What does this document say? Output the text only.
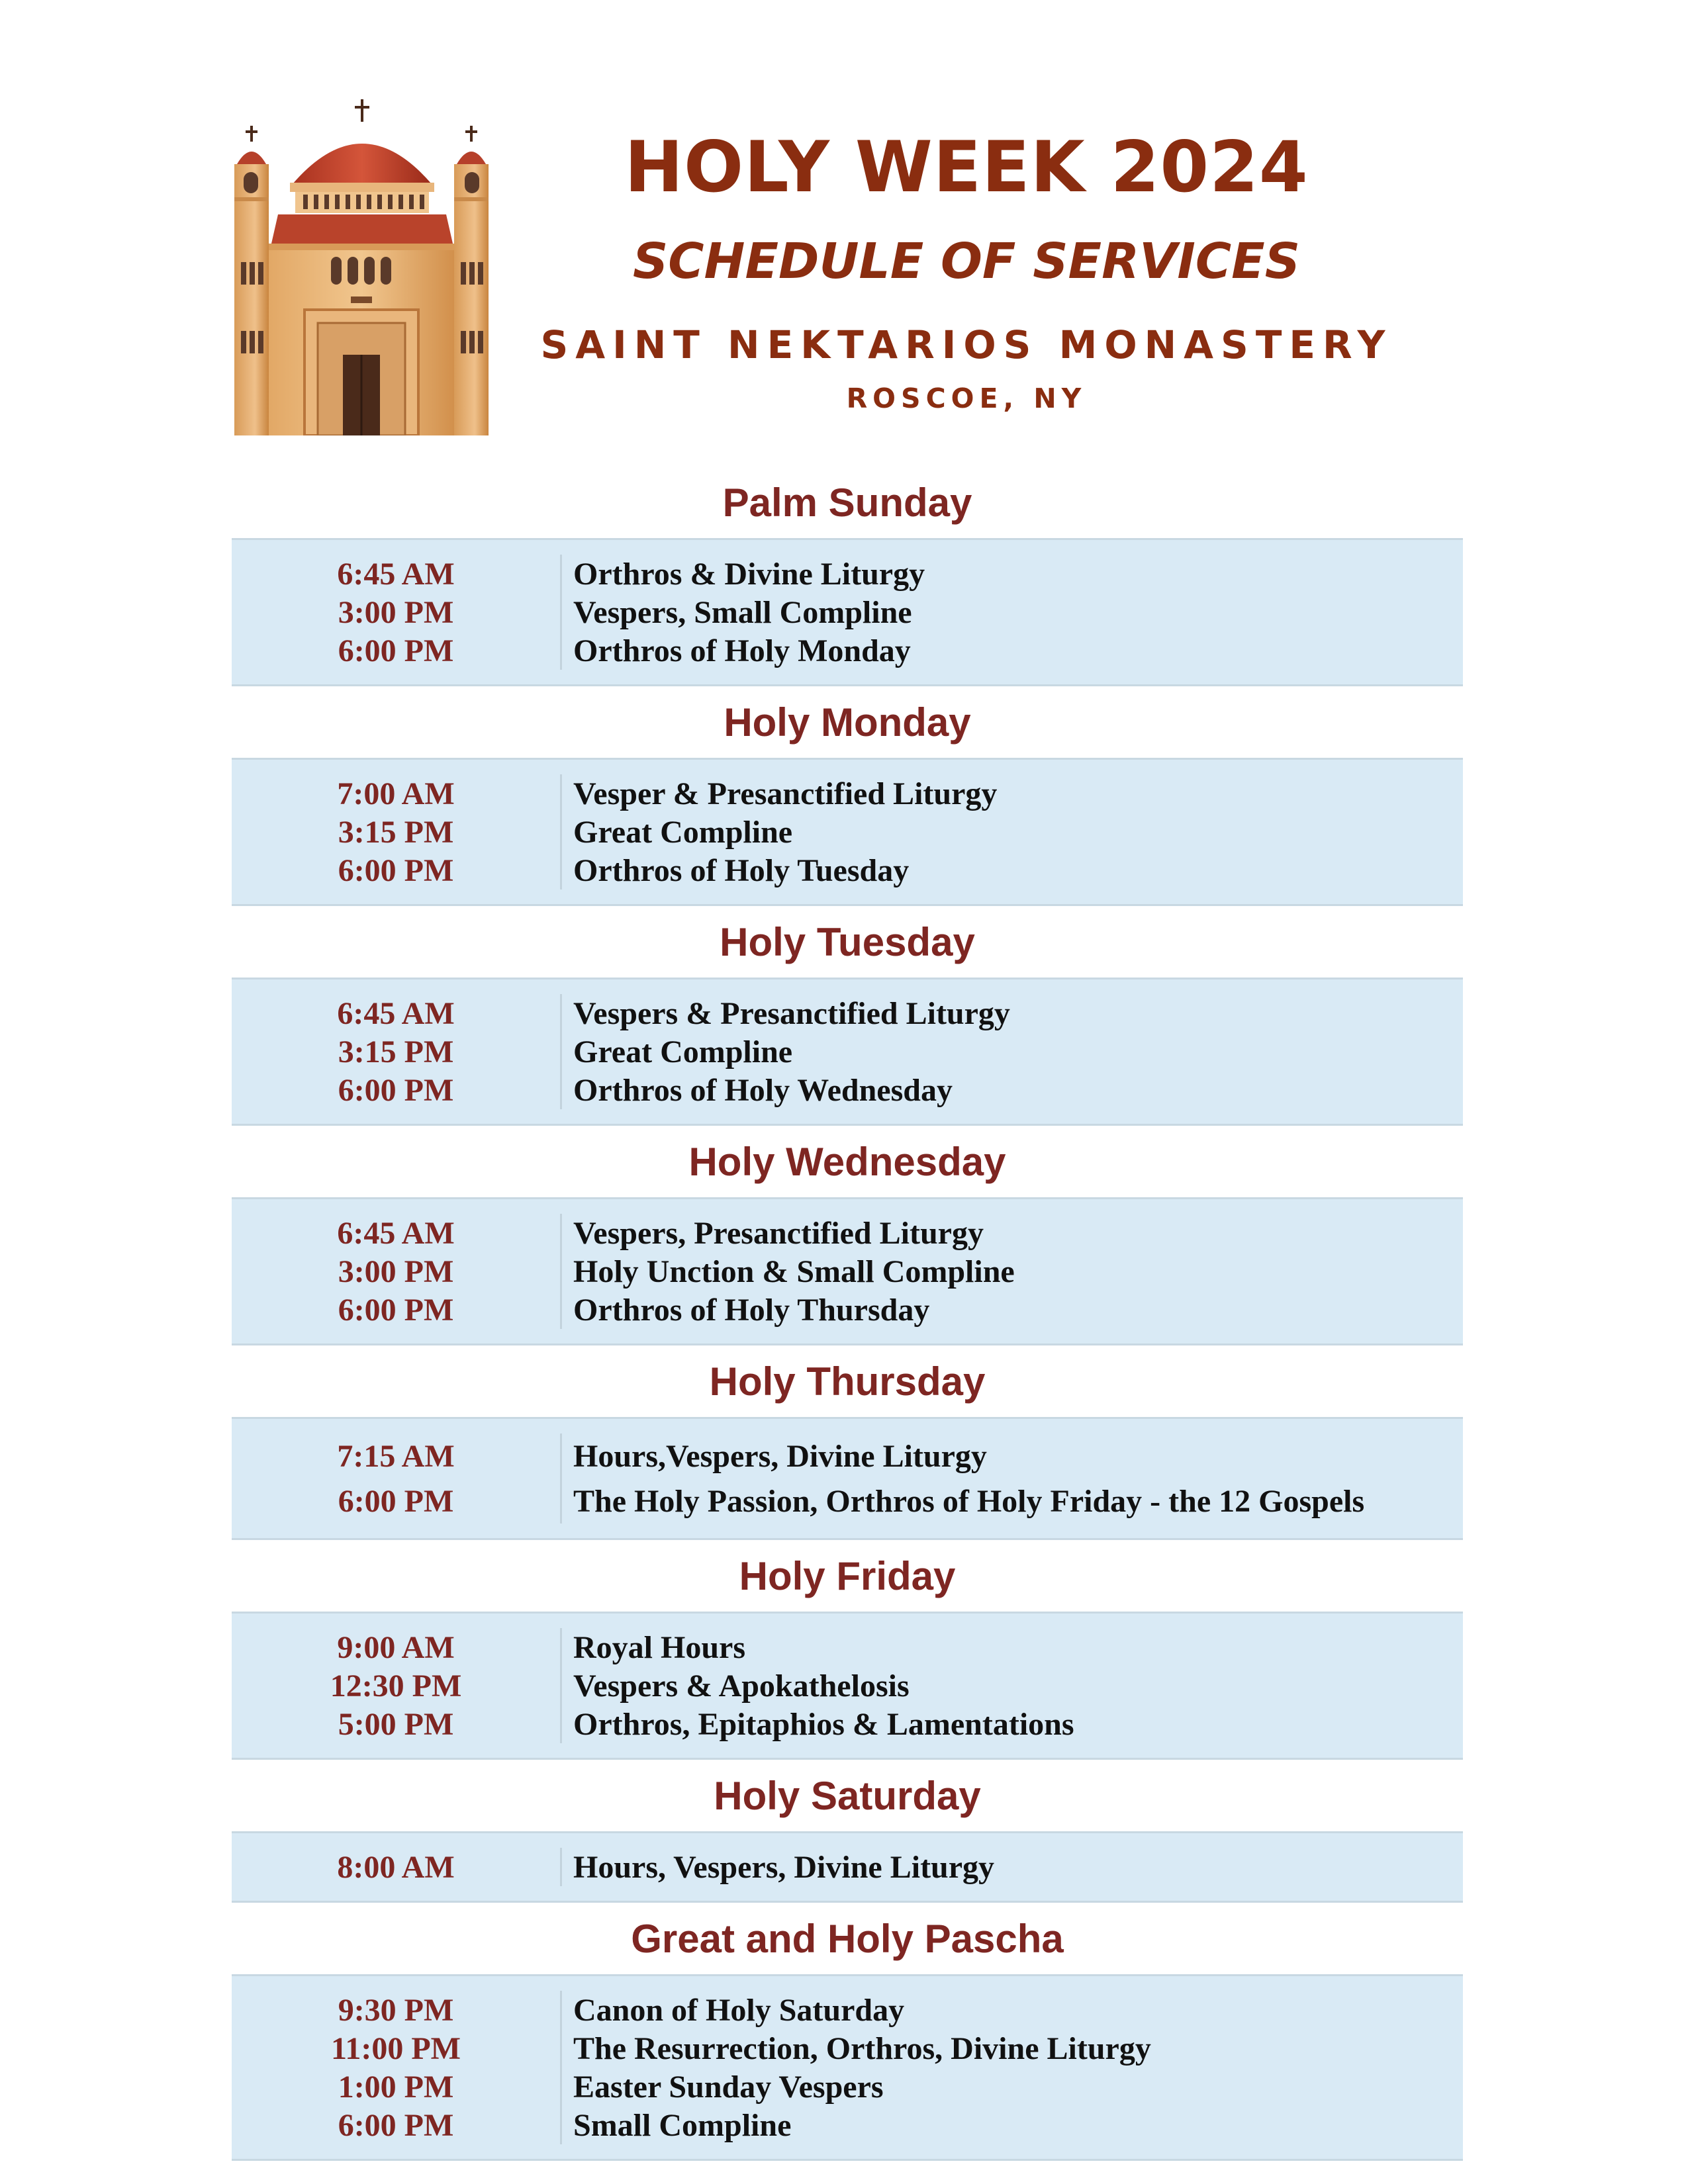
HOLY WEEK 2024
SCHEDULE OF SERVICES
SAINT NEKTARIOS MONASTERY
ROSCOE, NY
Palm Sunday
6:45 AM
3:00 PM
6:00 PM
Orthros & Divine Liturgy
Vespers, Small Compline
Orthros of Holy Monday
Holy Monday
7:00 AM
3:15 PM
6:00 PM
Vesper & Presanctified Liturgy
Great Compline
Orthros of Holy Tuesday
Holy Tuesday
6:45 AM
3:15 PM
6:00 PM
Vespers & Presanctified Liturgy
Great Compline
Orthros of Holy Wednesday
Holy Wednesday
6:45 AM
3:00 PM
6:00 PM
Vespers, Presanctified Liturgy
Holy Unction & Small Compline
Orthros of Holy Thursday
Holy Thursday
7:15 AM
6:00 PM
Hours,Vespers, Divine Liturgy
The Holy Passion, Orthros of Holy Friday - the 12 Gospels
Holy Friday
9:00 AM
12:30 PM
5:00 PM
Royal Hours
Vespers & Apokathelosis
Orthros, Epitaphios & Lamentations
Holy Saturday
8:00 AM	Hours, Vespers, Divine Liturgy
Great and Holy Pascha
9:30 PM
11:00 PM
1:00 PM
6:00 PM
Canon of Holy Saturday
The Resurrection, Orthros, Divine Liturgy
Easter Sunday Vespers
Small Compline
